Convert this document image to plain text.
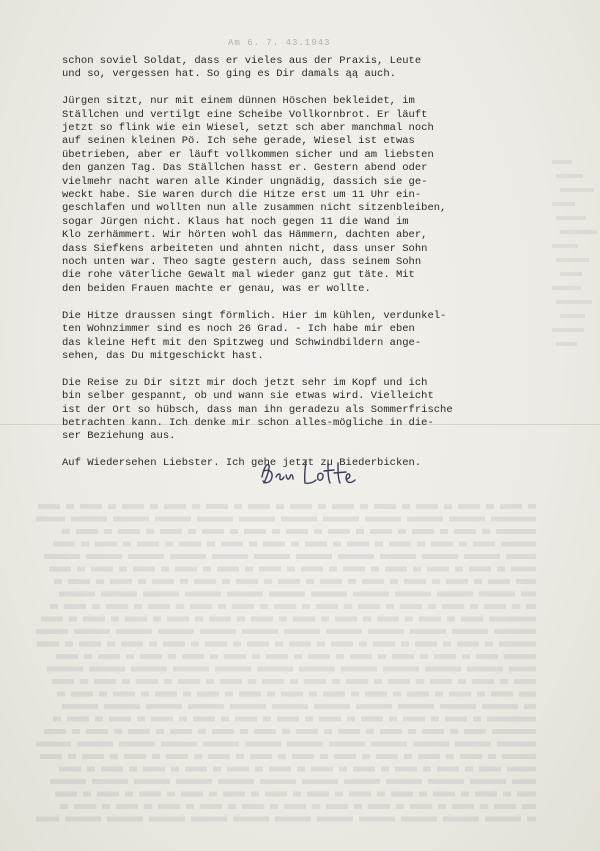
Am 6. 7. 43.1943
schon soviel Soldat, dass er vieles aus der Praxis, Leute
und so, vergessen hat. So ging es Dir damals ąą auch.
Jürgen sitzt, nur mit einem dünnen Höschen bekleidet, im
Ställchen und vertilgt eine Scheibe Vollkornbrot. Er läuft
jetzt so flink wie ein Wiesel, setzt sch aber manchmal noch
auf seinen kleinen Pö. Ich sehe gerade, Wiesel ist etwas
übetrieben, aber er läuft vollkommen sicher und am liebsten
den ganzen Tag. Das Ställchen hasst er. Gestern abend oder
vielmehr nacht waren alle Kinder ungnädig, dassich sie ge-
weckt habe. Sie waren durch die Hitze erst um 11 Uhr ein-
geschlafen und wollten nun alle zusammen nicht sitzenbleiben,
sogar Jürgen nicht. Klaus hat noch gegen 11 die Wand im
Klo zerhämmert. Wir hörten wohl das Hämmern, dachten aber,
dass Siefkens arbeiteten und ahnten nicht, dass unser Sohn
noch unten war. Theo sagte gestern auch, dass seinem Sohn
die rohe väterliche Gewalt mal wieder ganz gut täte. Mit
den beiden Frauen machte er genau, was er wollte.
Die Hitze draussen singt förmlich. Hier im kühlen, verdunkel-
ten Wohnzimmer sind es noch 26 Grad. - Ich habe mir eben
das kleine Heft mit den Spitzweg und Schwindbildern ange-
sehen, das Du mitgeschickt hast.
Die Reise zu Dir sitzt mir doch jetzt sehr im Kopf und ich
bin selber gespannt, ob und wann sie etwas wird. Vielleicht
ist der Ort so hübsch, dass man ihn geradezu als Sommerfrische
betrachten kann. Ich denke mir schon alles-mögliche in die-
ser Beziehung aus.
Auf Wiedersehen Liebster. Ich gehe jetzt zu Biederbicken.
